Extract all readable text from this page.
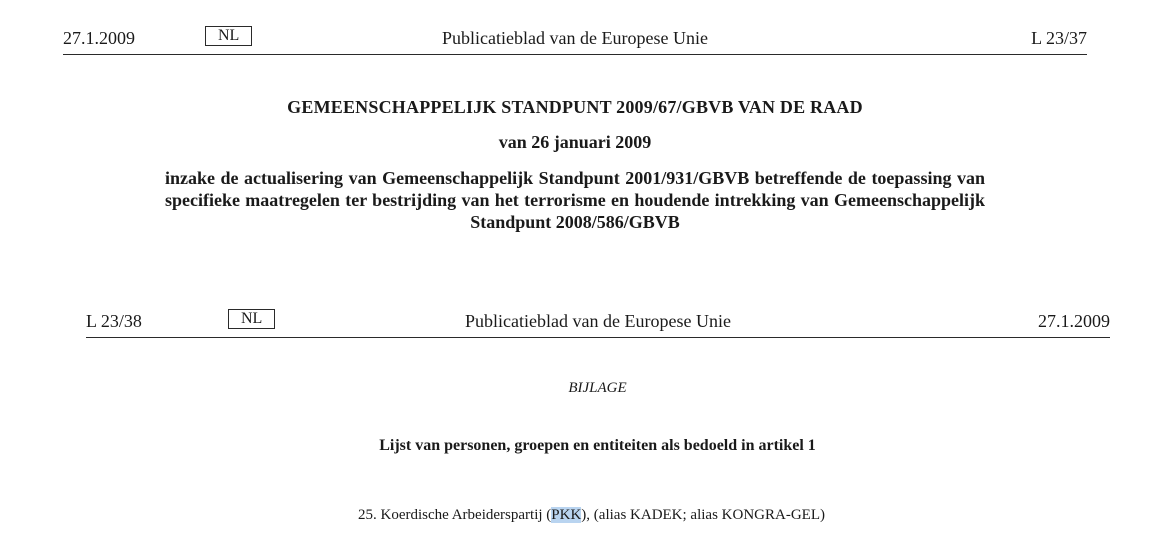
27.1.2009	NL	Publicatieblad van de Europese Unie	L 23/37
GEMEENSCHAPPELIJK STANDPUNT 2009/67/GBVB VAN DE RAAD
van 26 januari 2009
inzake de actualisering van Gemeenschappelijk Standpunt 2001/931/GBVB betreffende de toepassing van specifieke maatregelen ter bestrijding van het terrorisme en houdende intrekking van Gemeenschappelijk Standpunt 2008/586/GBVB
L 23/38	NL	Publicatieblad van de Europese Unie	27.1.2009
BIJLAGE
Lijst van personen, groepen en entiteiten als bedoeld in artikel 1
25. Koerdische Arbeiderspartij (PKK), (alias KADEK; alias KONGRA-GEL)
